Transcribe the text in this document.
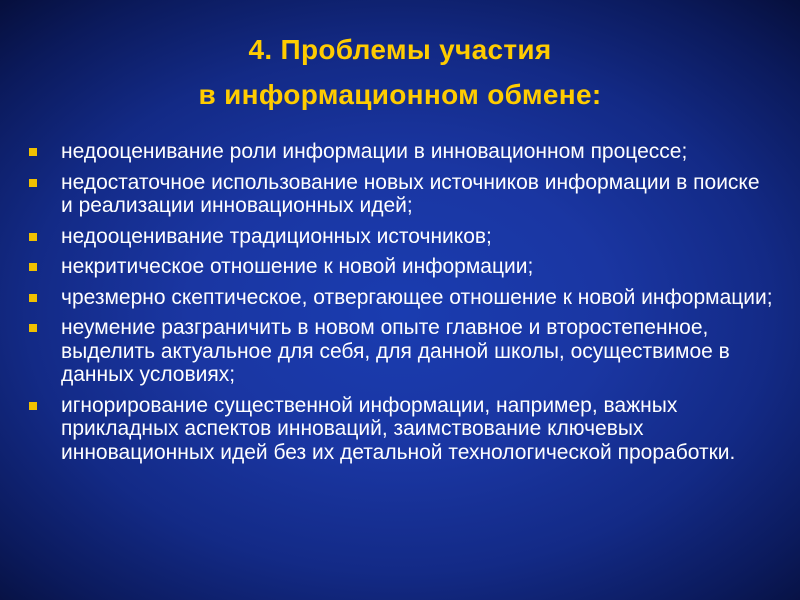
4. Проблемы участия
в информационном обмене:
недооценивание роли информации в инновационном процессе;
недостаточное использование новых источников информации в поиске и реализации инновационных идей;
недооценивание традиционных источников;
некритическое отношение к новой информации;
чрезмерно скептическое, отвергающее отношение к новой информации;
неумение разграничить в новом опыте главное и второстепенное, выделить актуальное для себя, для данной школы, осуществимое в данных условиях;
игнорирование существенной информации, например, важных прикладных аспектов инноваций, заимствование ключевых инновационных идей без их детальной технологической проработки.
